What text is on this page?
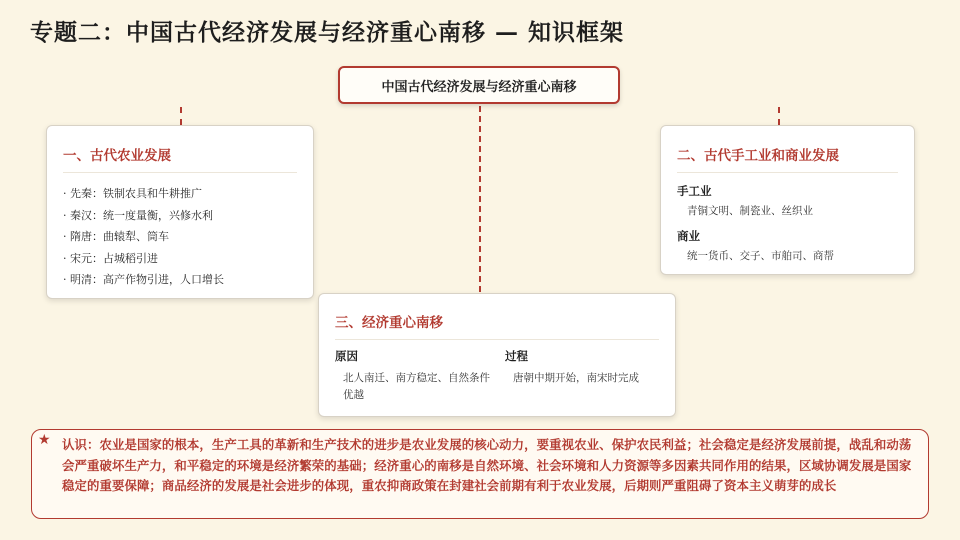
专题二：中国古代经济发展与经济重心南移 — 知识框架
中国古代经济发展与经济重心南移
一、古代农业发展
· 先秦：铁制农具和牛耕推广
· 秦汉：统一度量衡，兴修水利
· 隋唐：曲辕犁、筒车
· 宋元：占城稻引进
· 明清：高产作物引进，人口增长
二、古代手工业和商业发展
手工业
青铜文明、制瓷业、丝织业
商业
统一货币、交子、市舶司、商帮
三、经济重心南移
原因
北人南迁、南方稳定、自然条件优越
过程
唐朝中期开始，南宋时完成
★ 认识：农业是国家的根本，生产工具的革新和生产技术的进步是农业发展的核心动力，要重视农业、保护农民利益；社会稳定是经济发展前提，战乱和动荡会严重破坏生产力，和平稳定的环境是经济繁荣的基础；经济重心的南移是自然环境、社会环境和人力资源等多因素共同作用的结果，区域协调发展是国家稳定的重要保障；商品经济的发展是社会进步的体现，重农抑商政策在封建社会前期有利于农业发展，后期则严重阻碍了资本主义萌芽的成长
